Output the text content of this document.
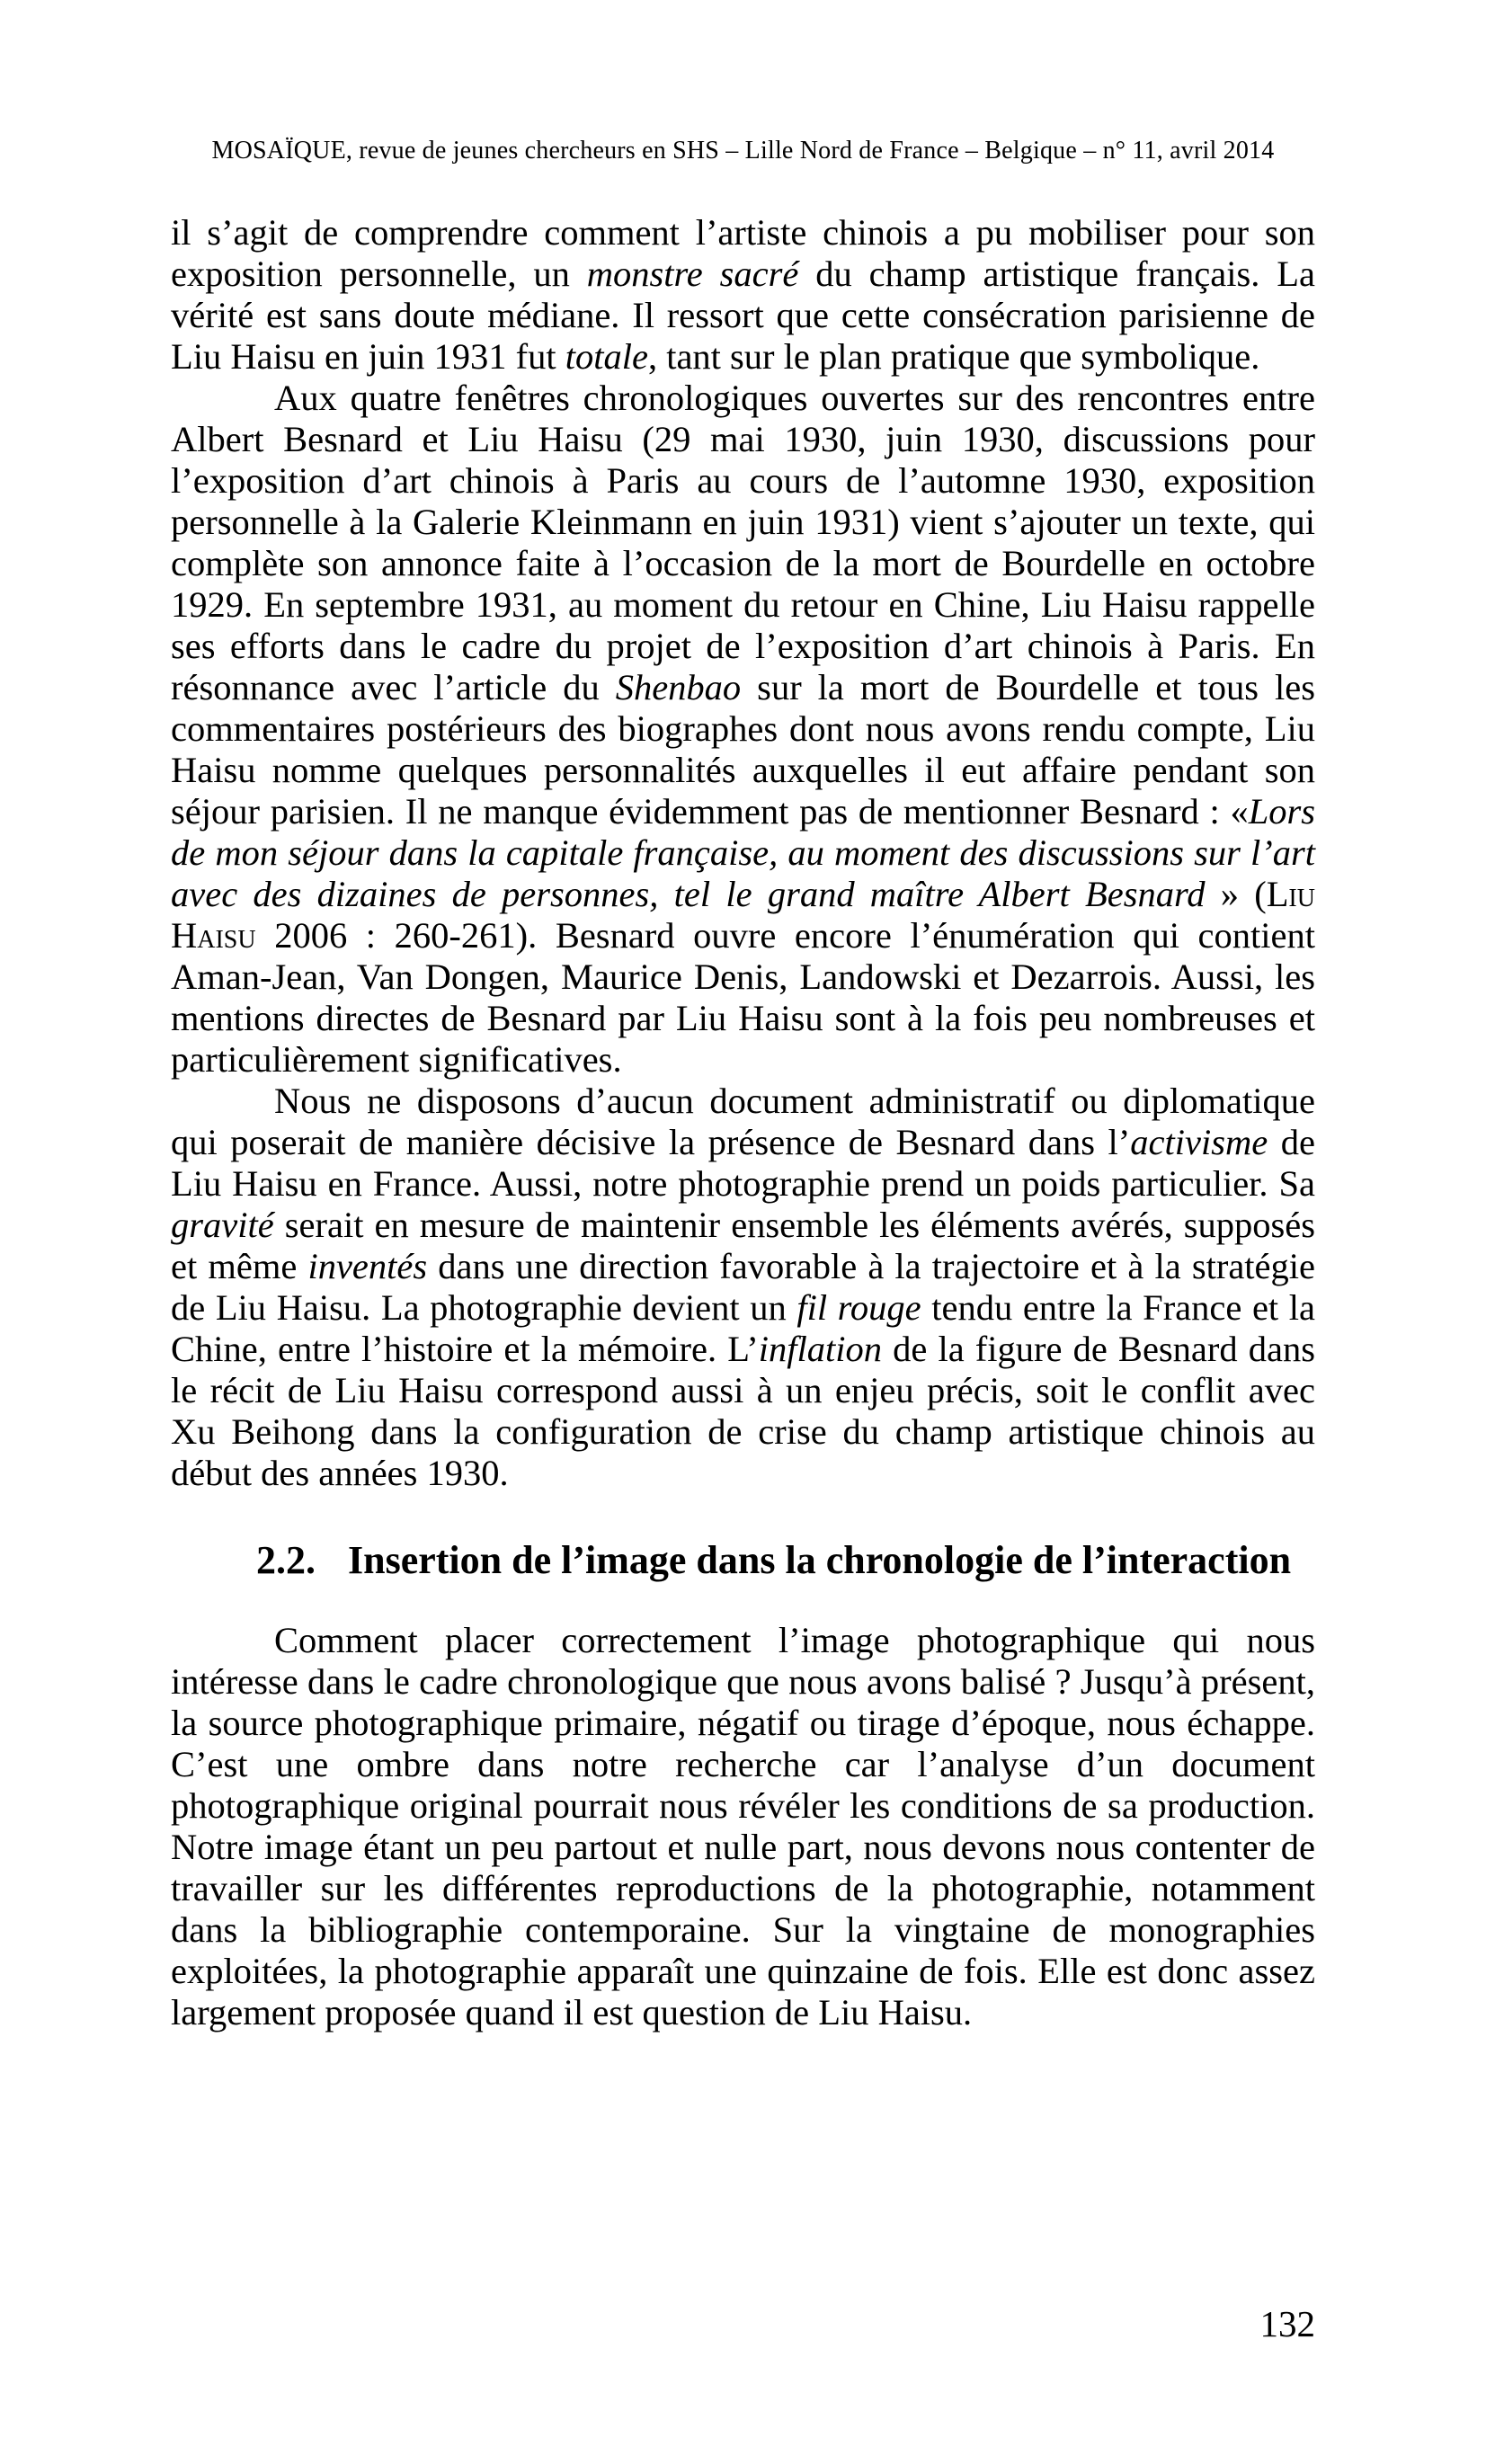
MOSAÏQUE, revue de jeunes chercheurs en SHS – Lille Nord de France – Belgique – n° 11, avril 2014

il s’agit de comprendre comment l’artiste chinois a pu mobiliser pour son exposition personnelle, un monstre sacré du champ artistique français. La vérité est sans doute médiane. Il ressort que cette consécration parisienne de Liu Haisu en juin 1931 fut totale, tant sur le plan pratique que symbolique.

Aux quatre fenêtres chronologiques ouvertes sur des rencontres entre Albert Besnard et Liu Haisu (29 mai 1930, juin 1930, discussions pour l’exposition d’art chinois à Paris au cours de l’automne 1930, exposition personnelle à la Galerie Kleinmann en juin 1931) vient s’ajouter un texte, qui complète son annonce faite à l’occasion de la mort de Bourdelle en octobre 1929. En septembre 1931, au moment du retour en Chine, Liu Haisu rappelle ses efforts dans le cadre du projet de l’exposition d’art chinois à Paris. En résonnance avec l’article du Shenbao sur la mort de Bourdelle et tous les commentaires postérieurs des biographes dont nous avons rendu compte, Liu Haisu nomme quelques personnalités auxquelles il eut affaire pendant son séjour parisien. Il ne manque évidemment pas de mentionner Besnard : «Lors de mon séjour dans la capitale française, au moment des discussions sur l’art avec des dizaines de personnes, tel le grand maître Albert Besnard » (Liu Haisu 2006 : 260-261). Besnard ouvre encore l’énumération qui contient Aman-Jean, Van Dongen, Maurice Denis, Landowski et Dezarrois. Aussi, les mentions directes de Besnard par Liu Haisu sont à la fois peu nombreuses et particulièrement significatives.

Nous ne disposons d’aucun document administratif ou diplomatique qui poserait de manière décisive la présence de Besnard dans l’activisme de Liu Haisu en France. Aussi, notre photographie prend un poids particulier. Sa gravité serait en mesure de maintenir ensemble les éléments avérés, supposés et même inventés dans une direction favorable à la trajectoire et à la stratégie de Liu Haisu. La photographie devient un fil rouge tendu entre la France et la Chine, entre l’histoire et la mémoire. L’inflation de la figure de Besnard dans le récit de Liu Haisu correspond aussi à un enjeu précis, soit le conflit avec Xu Beihong dans la configuration de crise du champ artistique chinois au début des années 1930.

2.2. Insertion de l’image dans la chronologie de l’interaction

Comment placer correctement l’image photographique qui nous intéresse dans le cadre chronologique que nous avons balisé ? Jusqu’à présent, la source photographique primaire, négatif ou tirage d’époque, nous échappe. C’est une ombre dans notre recherche car l’analyse d’un document photographique original pourrait nous révéler les conditions de sa production. Notre image étant un peu partout et nulle part, nous devons nous contenter de travailler sur les différentes reproductions de la photographie, notamment dans la bibliographie contemporaine. Sur la vingtaine de monographies exploitées, la photographie apparaît une quinzaine de fois. Elle est donc assez largement proposée quand il est question de Liu Haisu.

132
